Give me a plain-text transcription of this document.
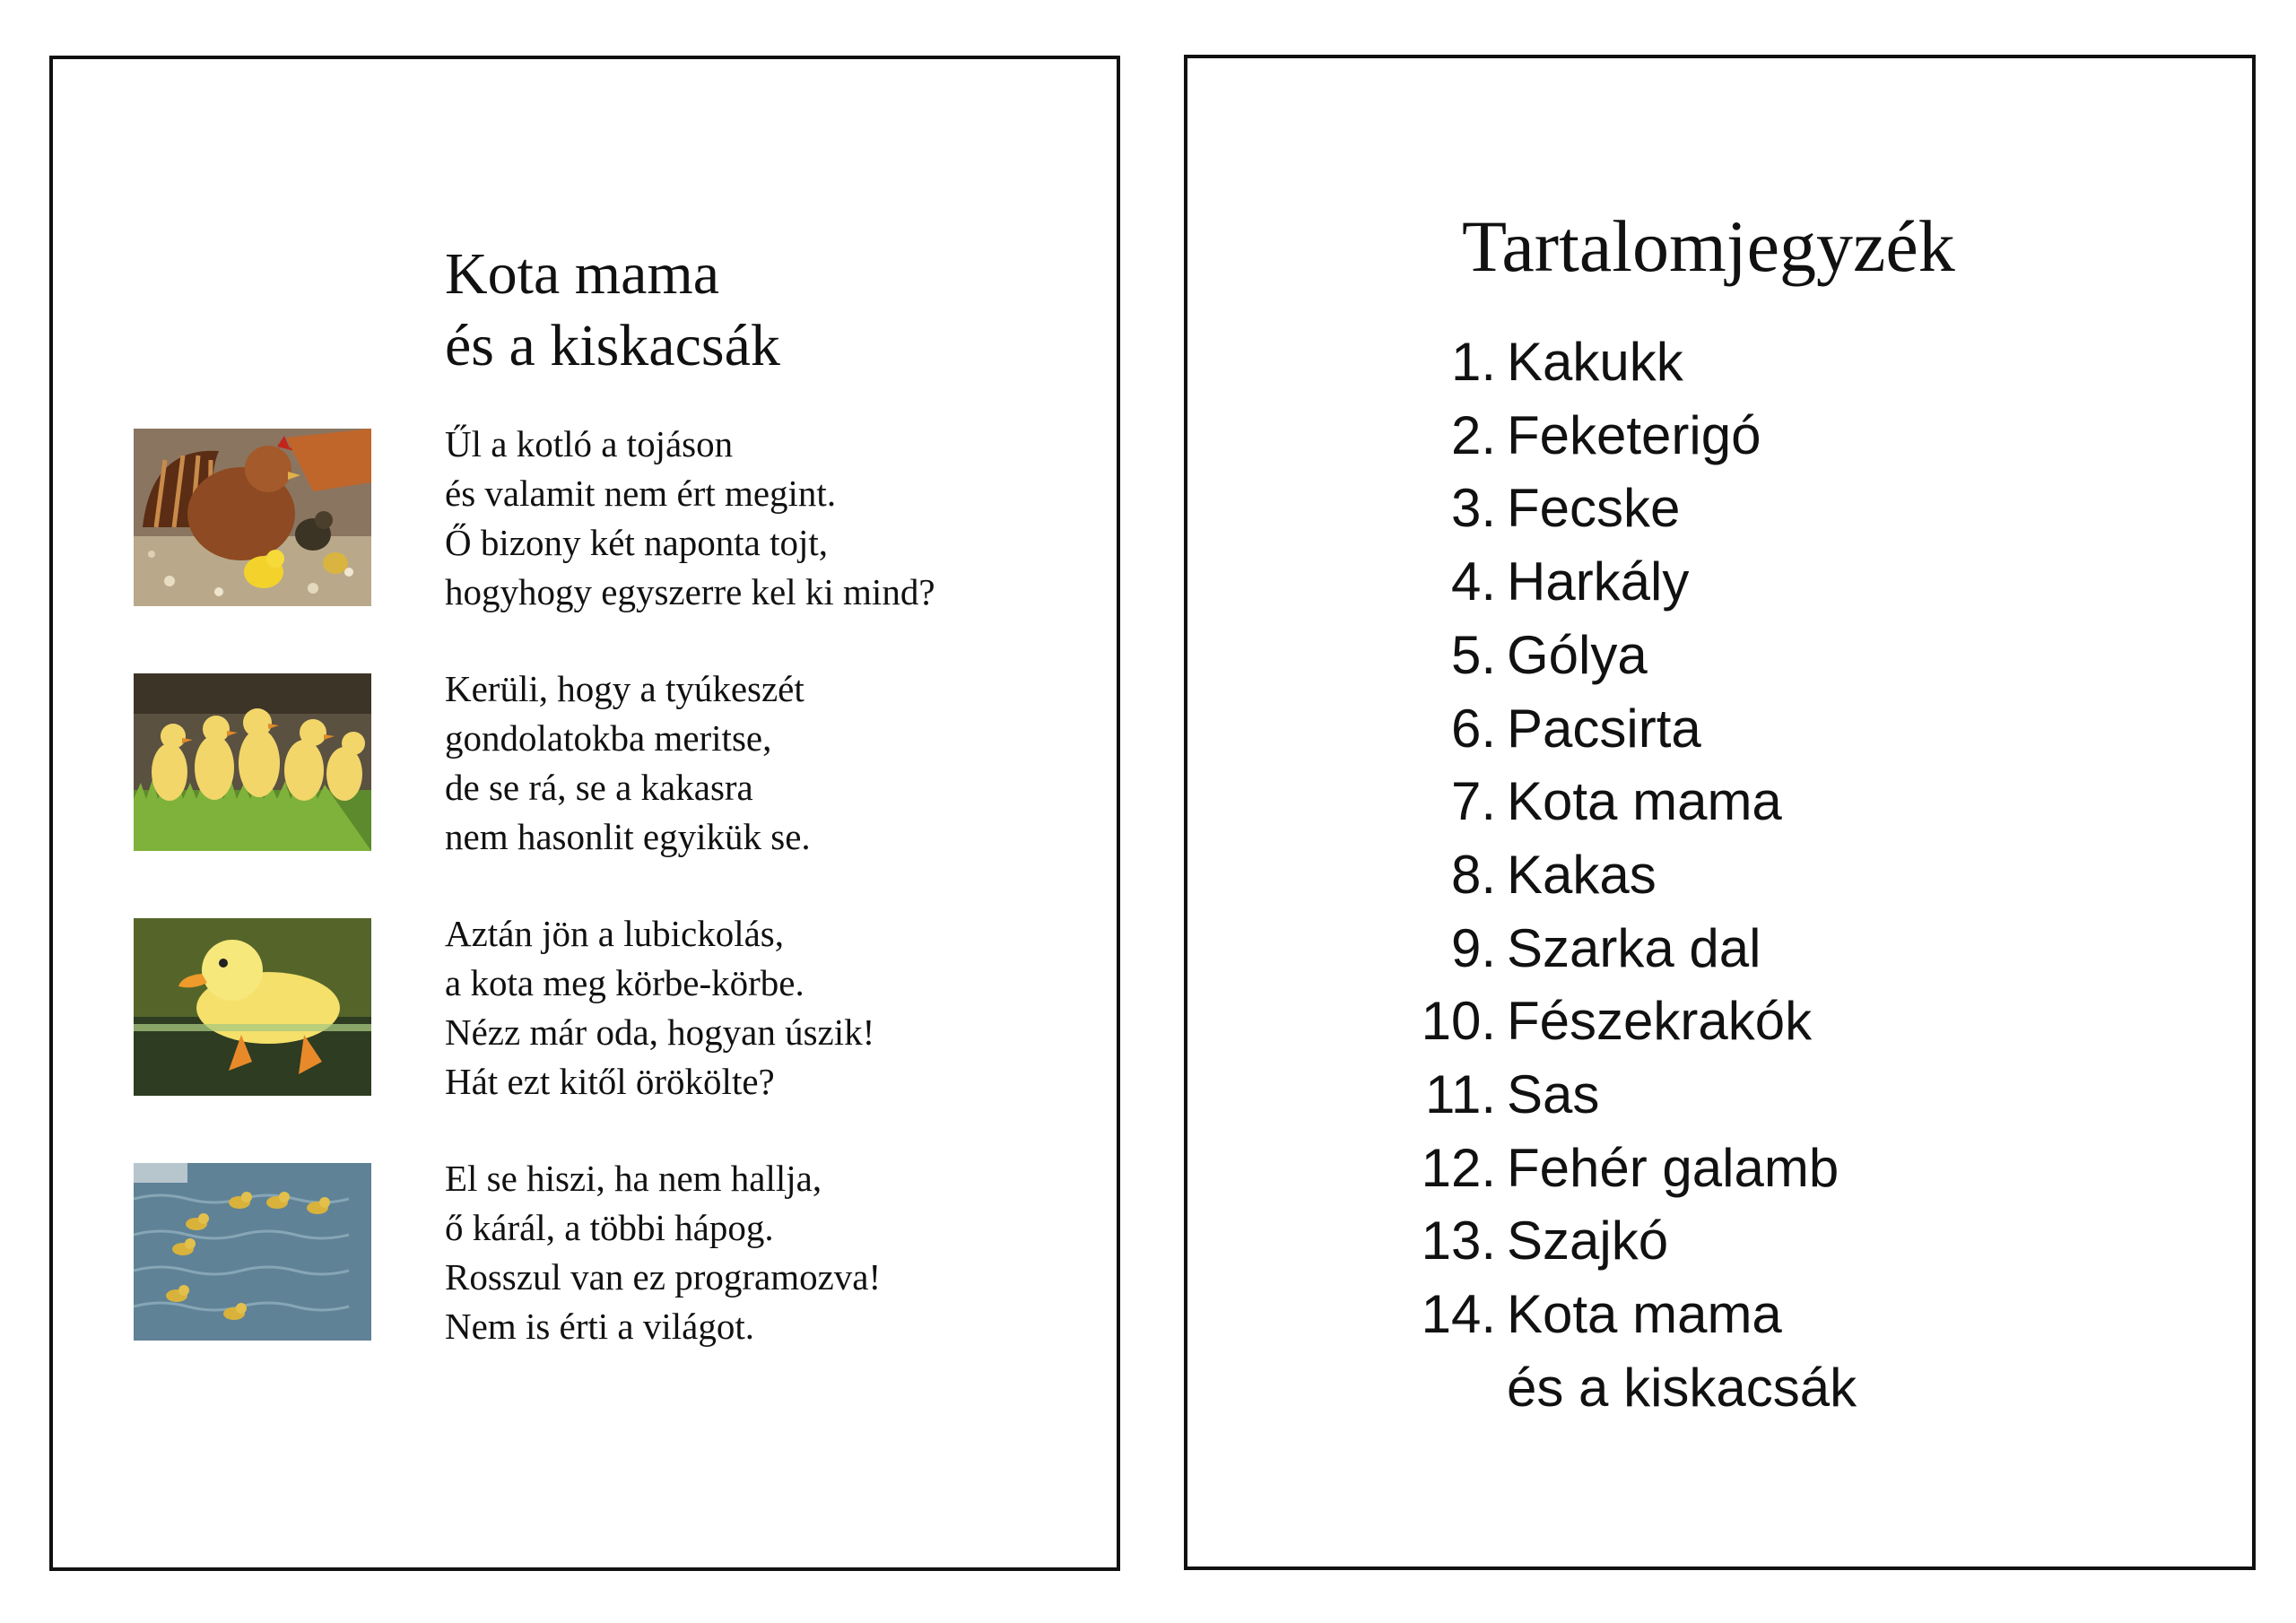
Kota mama
és a kiskacsák

Űl a kotló a tojáson
és valamit nem ért megint.
Ő bizony két naponta tojt,
hogyhogy egyszerre kel ki mind?

Kerüli, hogy a tyúkeszét
gondolatokba meritse,
de se rá, se a kakasra
nem hasonlit egyikük se.

Aztán jön a lubickolás,
a kota meg körbe-körbe.
Nézz már oda, hogyan úszik!
Hát ezt kitől örökölte?

El se hiszi, ha nem hallja,
ő kárál, a többi hápog.
Rosszul van ez programozva!
Nem is érti a világot.

Tartalomjegyzék
1. Kakukk
2. Feketerigó
3. Fecske
4. Harkály
5. Gólya
6. Pacsirta
7. Kota mama
8. Kakas
9. Szarka dal
10. Fészekrakók
11. Sas
12. Fehér galamb
13. Szajkó
14. Kota mama
és a kiskacsák
